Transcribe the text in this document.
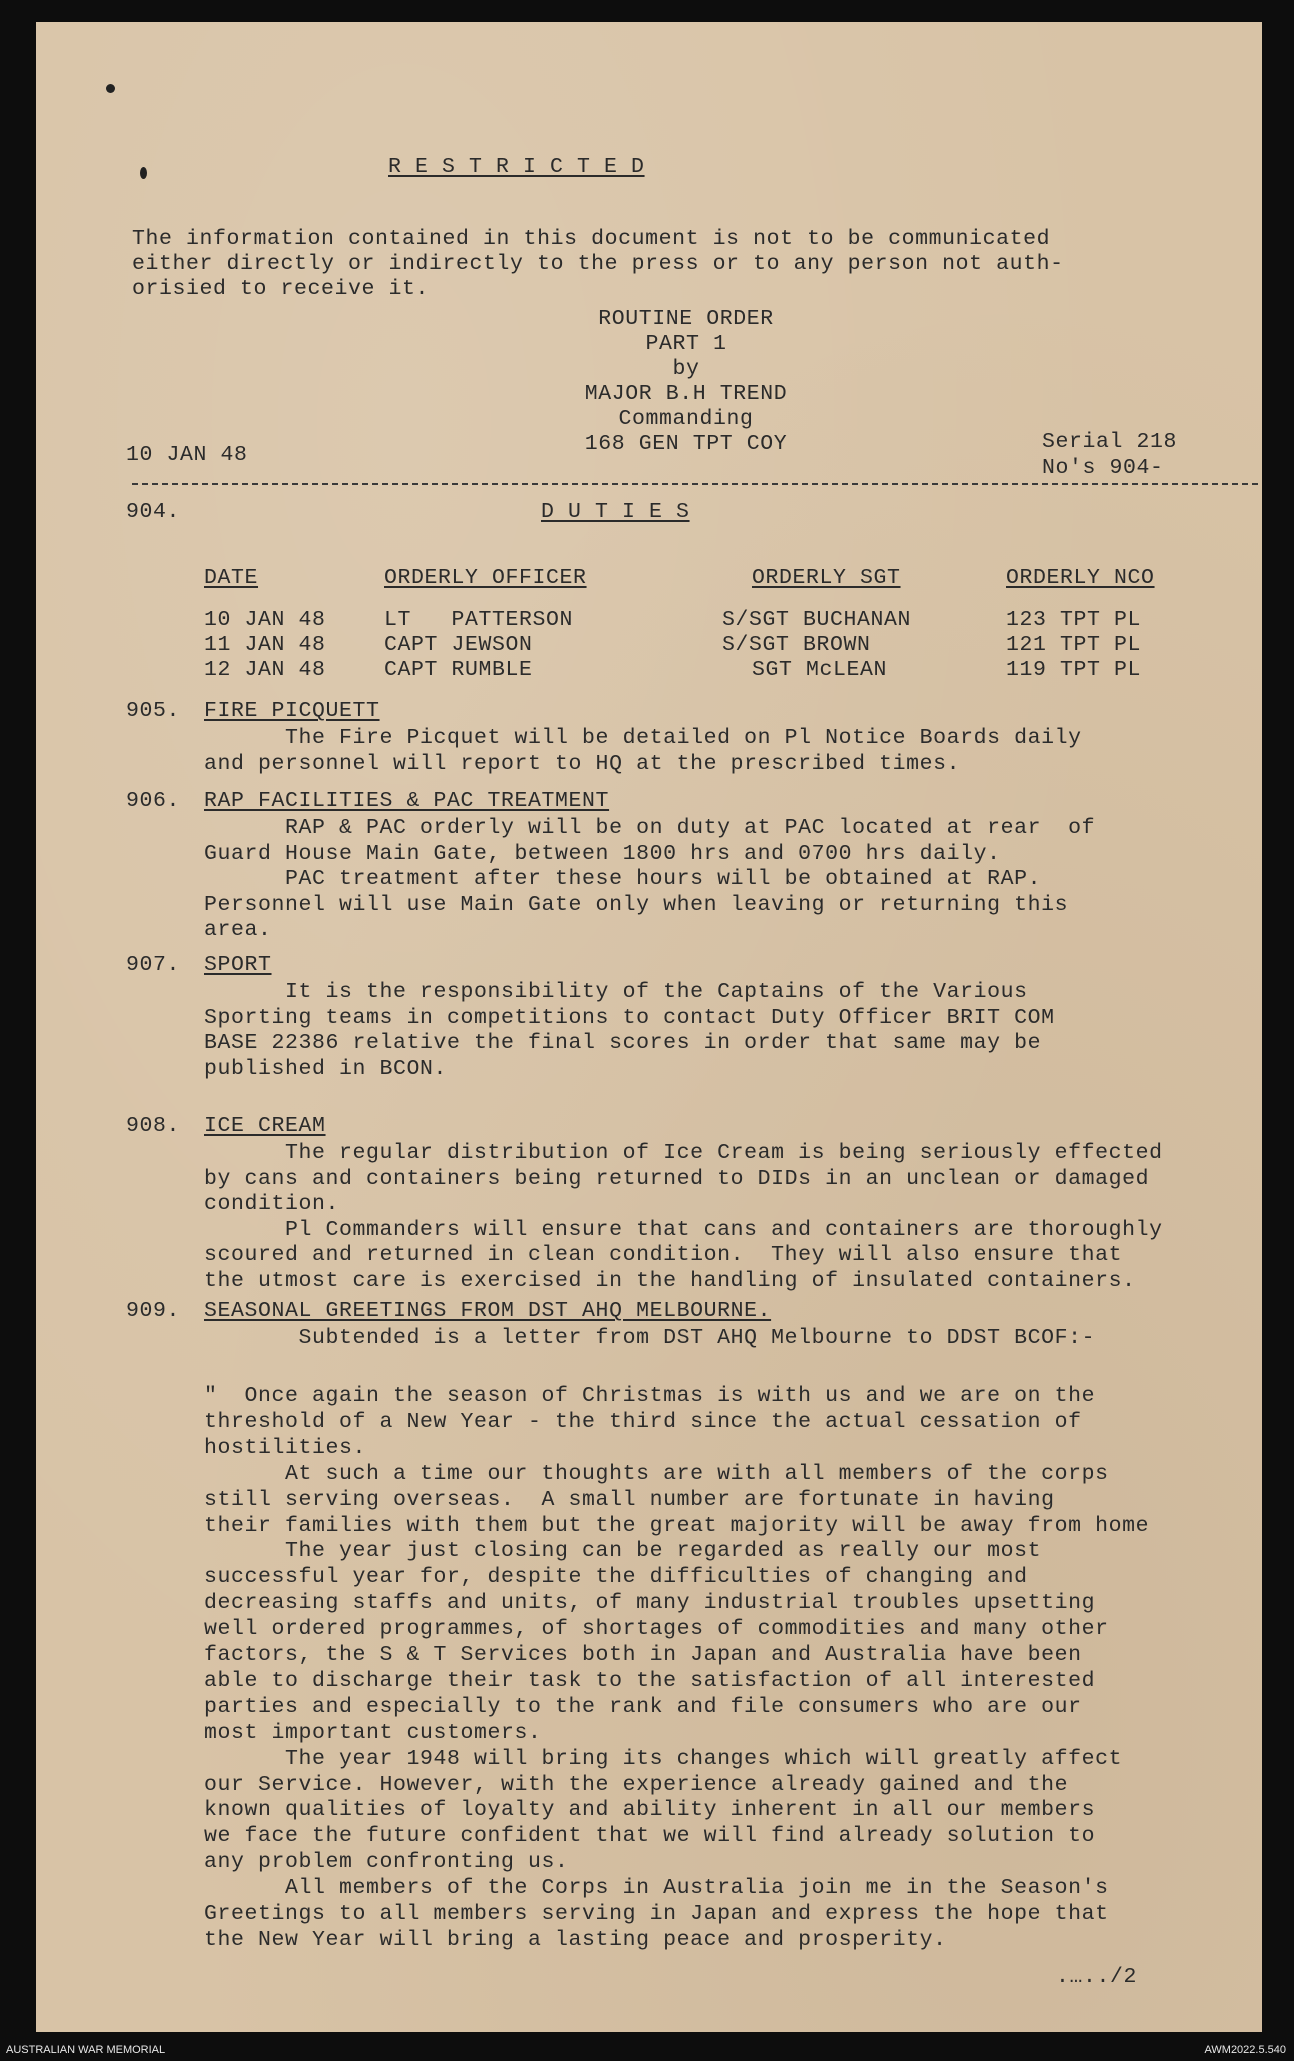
R E S T R I C T E D
The information contained in this document is not to be communicated
either directly or indirectly to the press or to any person not auth-
orisied to receive it.
ROUTINE ORDER
PART 1
by
MAJOR B.H TREND
Commanding
168 GEN TPT COY
10 JAN 48
Serial 218
No's 904-
904.	D U T I E S
DATE	ORDERLY OFFICER	ORDERLY SGT	ORDERLY NCO
10 JAN 48	LT   PATTERSON	S/SGT BUCHANAN	123 TPT PL
11 JAN 48	CAPT JEWSON	S/SGT BROWN	121 TPT PL
12 JAN 48	CAPT RUMBLE	SGT McLEAN	119 TPT PL
905. FIRE PICQUETT
The Fire Picquet will be detailed on Pl Notice Boards daily
and personnel will report to HQ at the prescribed times.
906. RAP FACILITIES & PAC TREATMENT
RAP & PAC orderly will be on duty at PAC located at rear  of
Guard House Main Gate, between 1800 hrs and 0700 hrs daily.
PAC treatment after these hours will be obtained at RAP.
Personnel will use Main Gate only when leaving or returning this
area.
907. SPORT
It is the responsibility of the Captains of the Various
Sporting teams in competitions to contact Duty Officer BRIT COM
BASE 22386 relative the final scores in order that same may be
published in BCON.
908. ICE CREAM
The regular distribution of Ice Cream is being seriously effected
by cans and containers being returned to DIDs in an unclean or damaged
condition.
Pl Commanders will ensure that cans and containers are thoroughly
scoured and returned in clean condition.  They will also ensure that
the utmost care is exercised in the handling of insulated containers.
909. SEASONAL GREETINGS FROM DST AHQ MELBOURNE.
Subtended is a letter from DST AHQ Melbourne to DDST BCOF:-
"  Once again the season of Christmas is with us and we are on the
threshold of a New Year - the third since the actual cessation of
hostilities.
At such a time our thoughts are with all members of the corps
still serving overseas.  A small number are fortunate in having
their families with them but the great majority will be away from home
The year just closing can be regarded as really our most
successful year for, despite the difficulties of changing and
decreasing staffs and units, of many industrial troubles upsetting
well ordered programmes, of shortages of commodities and many other
factors, the S & T Services both in Japan and Australia have been
able to discharge their task to the satisfaction of all interested
parties and especially to the rank and file consumers who are our
most important customers.
The year 1948 will bring its changes which will greatly affect
our Service. However, with the experience already gained and the
known qualities of loyalty and ability inherent in all our members
we face the future confident that we will find already solution to
any problem confronting us.
All members of the Corps in Australia join me in the Season's
Greetings to all members serving in Japan and express the hope that
the New Year will bring a lasting peace and prosperity.
.…../2
AUSTRALIAN WAR MEMORIAL	AWM2022.5.540
